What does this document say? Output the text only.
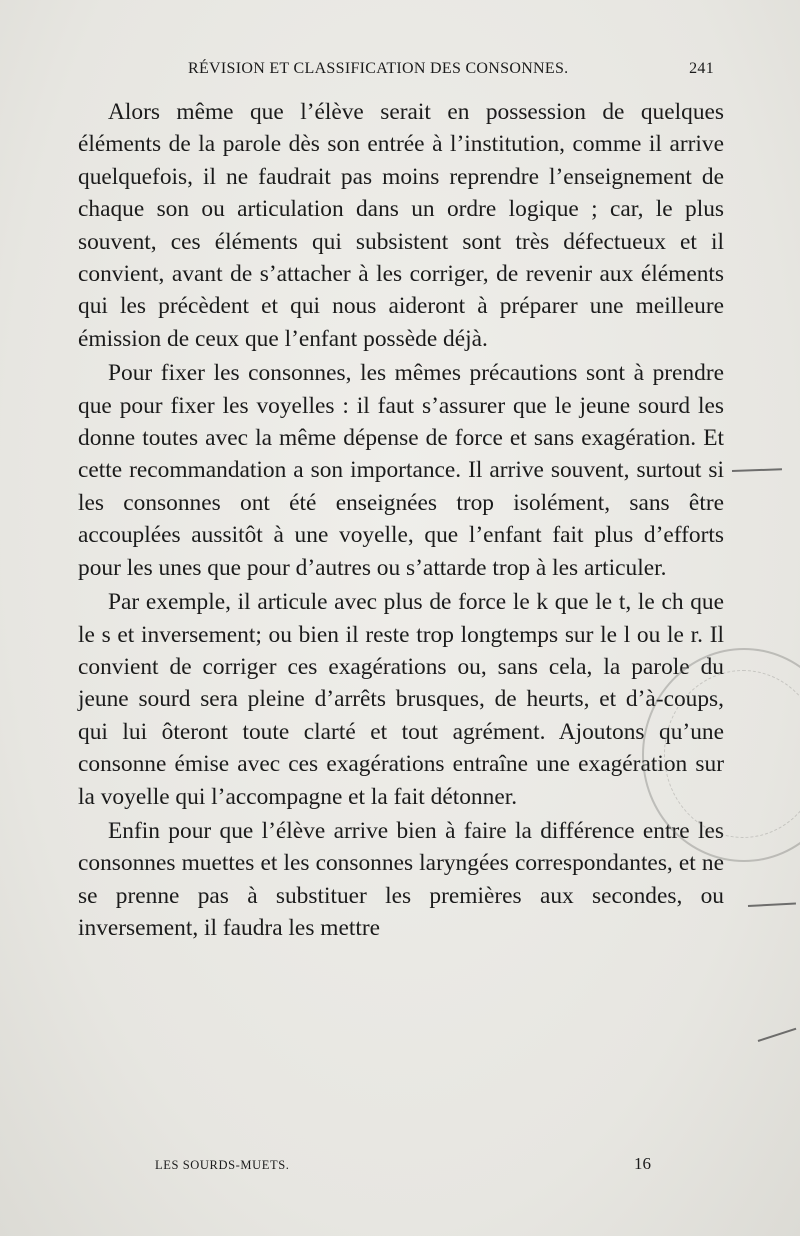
RÉVISION ET CLASSIFICATION DES CONSONNES.	241

Alors même que l’élève serait en possession de quelques éléments de la parole dès son entrée à l’institution, comme il arrive quelquefois, il ne faudrait pas moins reprendre l’enseignement de chaque son ou articulation dans un ordre logique ; car, le plus souvent, ces éléments qui subsistent sont très défectueux et il convient, avant de s’attacher à les corriger, de revenir aux éléments qui les précèdent et qui nous aideront à préparer une meilleure émission de ceux que l’enfant possède déjà.

Pour fixer les consonnes, les mêmes précautions sont à prendre que pour fixer les voyelles : il faut s’assurer que le jeune sourd les donne toutes avec la même dépense de force et sans exagération. Et cette recommandation a son importance. Il arrive souvent, surtout si les consonnes ont été enseignées trop isolément, sans être accouplées aussitôt à une voyelle, que l’enfant fait plus d’efforts pour les unes que pour d’autres ou s’attarde trop à les articuler.

Par exemple, il articule avec plus de force le k que le t, le ch que le s et inversement; ou bien il reste trop longtemps sur le l ou le r. Il convient de corriger ces exagérations ou, sans cela, la parole du jeune sourd sera pleine d’arrêts brusques, de heurts, et d’à-coups, qui lui ôteront toute clarté et tout agrément. Ajoutons qu’une consonne émise avec ces exagérations entraîne une exagération sur la voyelle qui l’accompagne et la fait détonner.

Enfin pour que l’élève arrive bien à faire la différence entre les consonnes muettes et les consonnes laryngées correspondantes, et ne se prenne pas à substituer les premières aux secondes, ou inversement, il faudra les mettre

LES SOURDS-MUETS.	16
